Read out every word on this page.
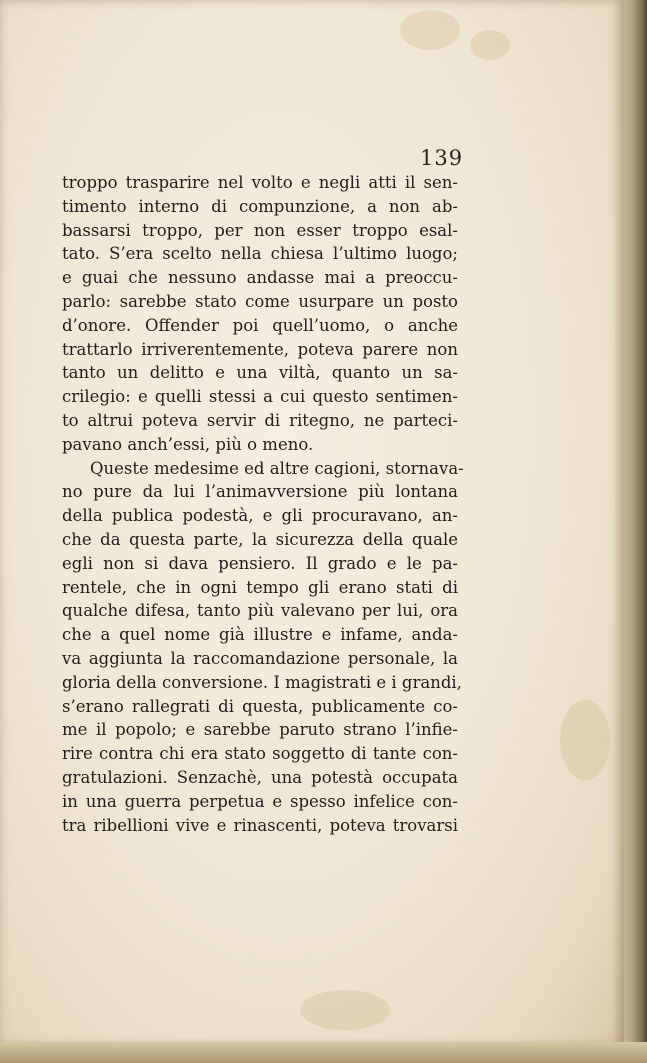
139
troppo trasparire nel volto e negli atti il sen-
timento interno di compunzione, a non ab-
bassarsi troppo, per non esser troppo esal-
tato. S’era scelto nella chiesa l’ultimo luogo;
e guai che nessuno andasse mai a preoccu-
parlo: sarebbe stato come usurpare un posto
d’onore. Offender poi quell’uomo, o anche
trattarlo irriverentemente, poteva parere non
tanto un delitto e una viltà, quanto un sa-
crilegio: e quelli stessi a cui questo sentimen-
to altrui poteva servir di ritegno, ne parteci-
pavano anch’essi, più o meno.
Queste medesime ed altre cagioni, stornava-
no pure da lui l’animavversione più lontana
della publica podestà, e gli procuravano, an-
che da questa parte, la sicurezza della quale
egli non si dava pensiero. Il grado e le pa-
rentele, che in ogni tempo gli erano stati di
qualche difesa, tanto più valevano per lui, ora
che a quel nome già illustre e infame, anda-
va aggiunta la raccomandazione personale, la
gloria della conversione. I magistrati e i grandi,
s’erano rallegrati di questa, publicamente co-
me il popolo; e sarebbe paruto strano l’infie-
rire contra chi era stato soggetto di tante con-
gratulazioni. Senzachè, una potestà occupata
in una guerra perpetua e spesso infelice con-
tra ribellioni vive e rinascenti, poteva trovarsi
